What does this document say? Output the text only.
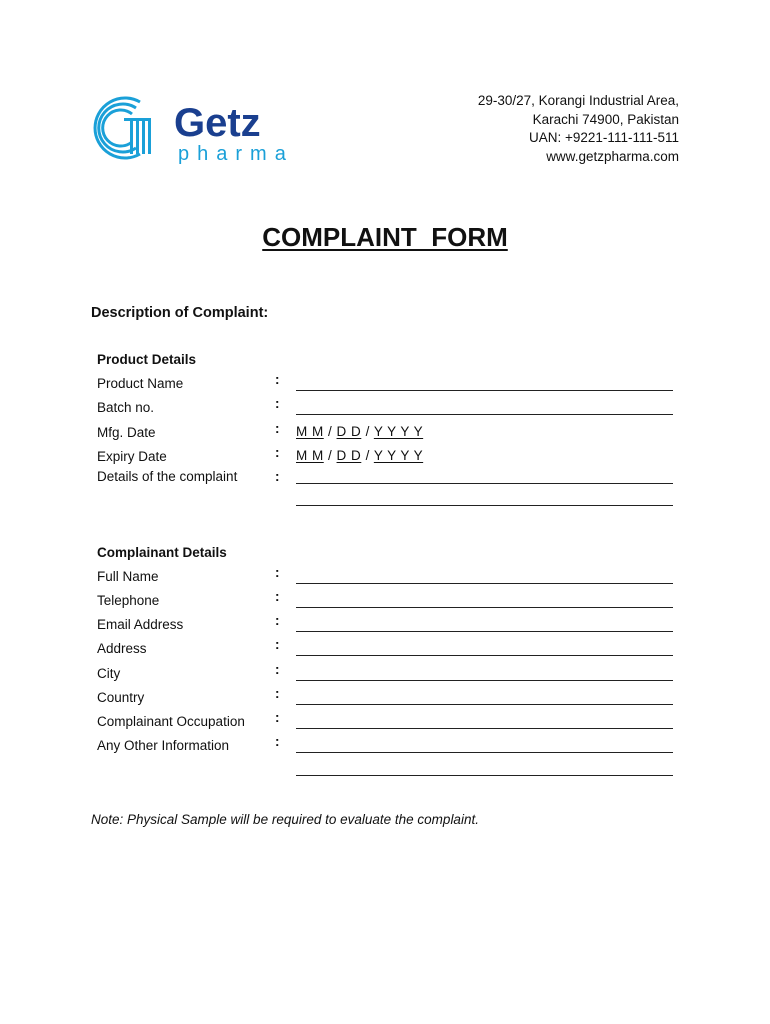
Getz
pharma
29-30/27, Korangi Industrial Area,
Karachi 74900, Pakistan
UAN: +9221-111-111-511
www.getzpharma.com
COMPLAINT  FORM
Description of Complaint:
Product Details
Product Name	:
Batch no.	:
Mfg. Date	: M M / D D / Y Y Y Y
Expiry Date	: M M / D D / Y Y Y Y
Details of the complaint	:
Complainant Details
Full Name	:
Telephone	:
Email Address	:
Address	:
City	:
Country	:
Complainant Occupation :
Any Other Information	:
Note: Physical Sample will be required to evaluate the complaint.
